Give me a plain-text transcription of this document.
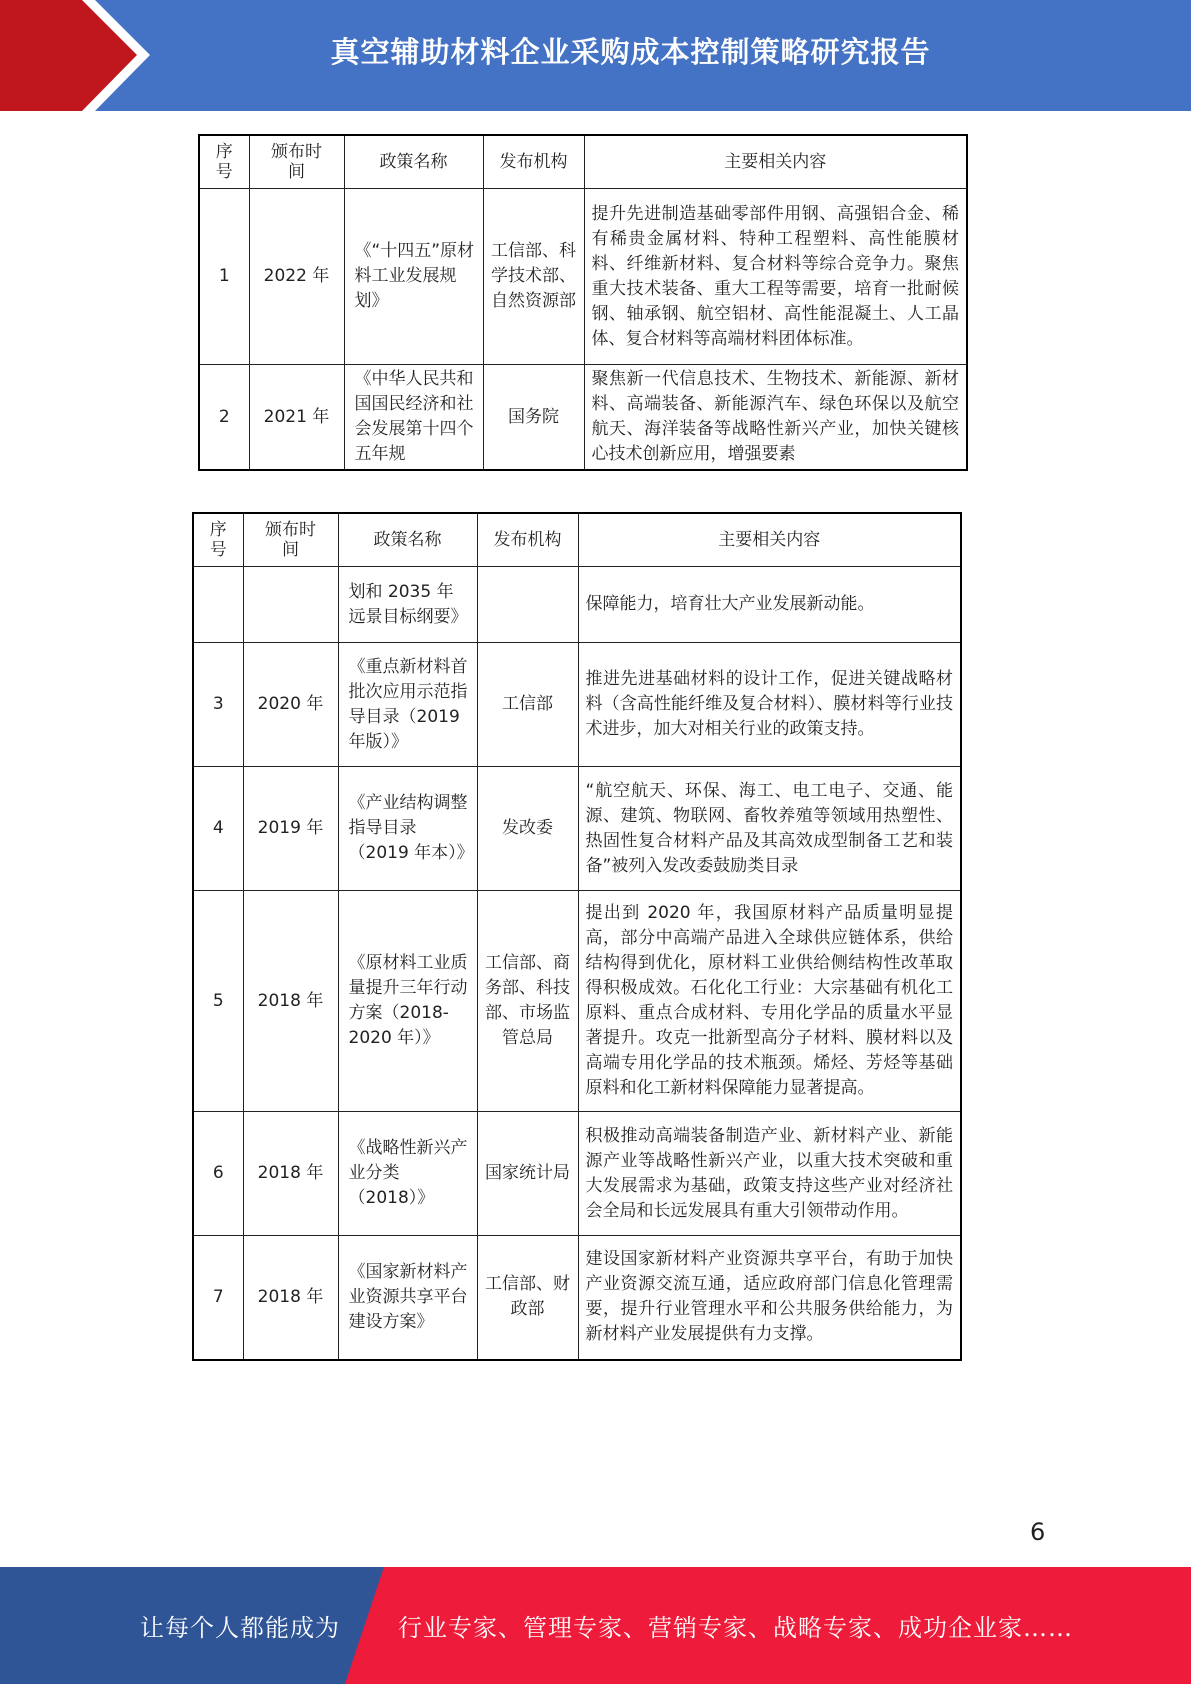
真空辅助材料企业采购成本控制策略研究报告
序号	颁布时间	政策名称	发布机构	主要相关内容
1	2022 年	《“十四五”原材料工业发展规划》	工信部、科学技术部、自然资源部	提升先进制造基础零部件用钢、高强铝合金、稀有稀贵金属材料、特种工程塑料、高性能膜材料、纤维新材料、复合材料等综合竞争力。聚焦重大技术装备、重大工程等需要，培育一批耐候钢、轴承钢、航空铝材、高性能混凝土、人工晶体、复合材料等高端材料团体标准。
2	2021 年	《中华人民共和国国民经济和社会发展第十四个五年规	国务院	聚焦新一代信息技术、生物技术、新能源、新材料、高端装备、新能源汽车、绿色环保以及航空航天、海洋装备等战略性新兴产业，加快关键核心技术创新应用，增强要素
序号	颁布时间	政策名称	发布机构	主要相关内容
		划和 2035 年远景目标纲要》		保障能力，培育壮大产业发展新动能。
3	2020 年	《重点新材料首批次应用示范指导目录（2019 年版）》	工信部	推进先进基础材料的设计工作，促进关键战略材料（含高性能纤维及复合材料）、膜材料等行业技术进步，加大对相关行业的政策支持。
4	2019 年	《产业结构调整指导目录（2019 年本）》	发改委	“航空航天、环保、海工、电工电子、交通、能源、建筑、物联网、畜牧养殖等领域用热塑性、热固性复合材料产品及其高效成型制备工艺和装备”被列入发改委鼓励类目录
5	2018 年	《原材料工业质量提升三年行动方案（2018-2020 年）》	工信部、商务部、科技部、市场监管总局	提出到 2020 年，我国原材料产品质量明显提高，部分中高端产品进入全球供应链体系，供给结构得到优化，原材料工业供给侧结构性改革取得积极成效。石化化工行业：大宗基础有机化工原料、重点合成材料、专用化学品的质量水平显著提升。攻克一批新型高分子材料、膜材料以及高端专用化学品的技术瓶颈。烯烃、芳烃等基础原料和化工新材料保障能力显著提高。
6	2018 年	《战略性新兴产业分类（2018）》	国家统计局	积极推动高端装备制造产业、新材料产业、新能源产业等战略性新兴产业，以重大技术突破和重大发展需求为基础，政策支持这些产业对经济社会全局和长远发展具有重大引领带动作用。
7	2018 年	《国家新材料产业资源共享平台建设方案》	工信部、财政部	建设国家新材料产业资源共享平台，有助于加快产业资源交流互通，适应政府部门信息化管理需要，提升行业管理水平和公共服务供给能力，为新材料产业发展提供有力支撑。
6
让每个人都能成为 行业专家、管理专家、营销专家、战略专家、成功企业家……
